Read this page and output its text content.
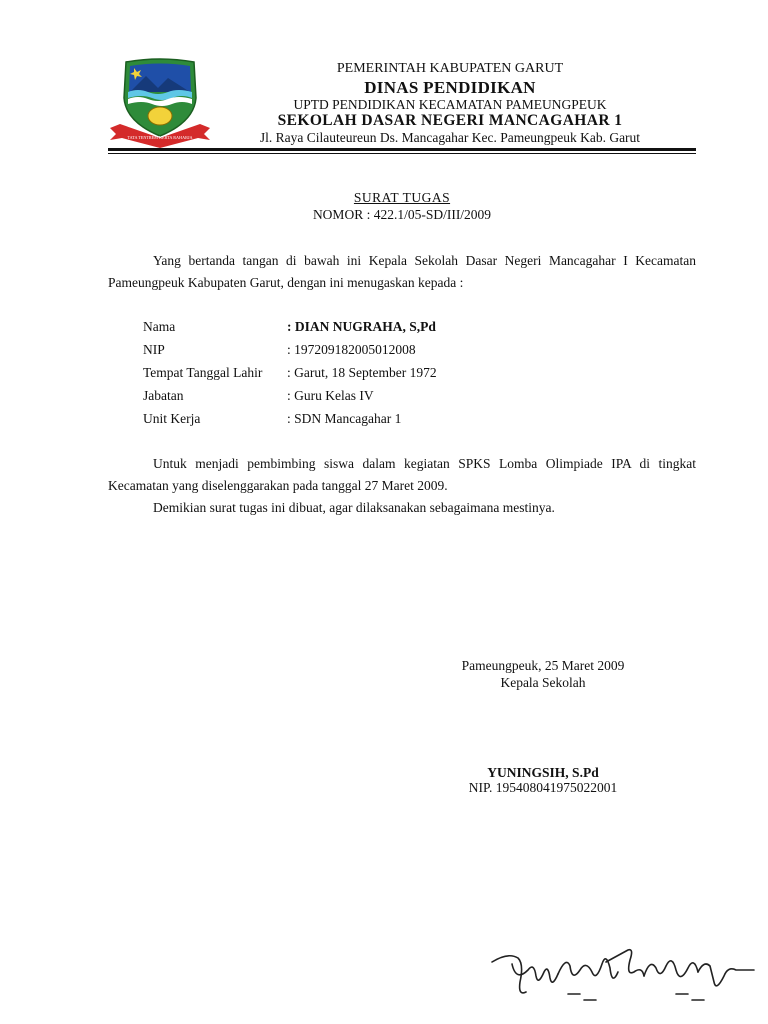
TATA TENTREM KERTA RAHARJA
PEMERINTAH KABUPATEN GARUT
DINAS PENDIDIKAN
UPTD PENDIDIKAN KECAMATAN PAMEUNGPEUK
SEKOLAH DASAR NEGERI MANCAGAHAR 1
Jl. Raya Cilauteureun Ds. Mancagahar Kec. Pameungpeuk Kab. Garut
SURAT TUGAS
NOMOR : 422.1/05-SD/III/2009
Yang bertanda tangan di bawah ini Kepala Sekolah Dasar Negeri Mancagahar I Kecamatan Pameungpeuk Kabupaten Garut, dengan ini menugaskan kepada :
Nama	: DIAN NUGRAHA, S,Pd
NIP	: 197209182005012008
Tempat Tanggal Lahir : Garut, 18 September 1972
Jabatan	: Guru Kelas IV
Unit Kerja	: SDN Mancagahar 1
Untuk menjadi pembimbing siswa dalam kegiatan SPKS Lomba Olimpiade IPA di tingkat Kecamatan yang diselenggarakan pada tanggal 27 Maret 2009.
Demikian surat tugas ini dibuat, agar dilaksanakan sebagaimana mestinya.
Pameungpeuk, 25 Maret 2009
Kepala Sekolah
YUNINGSIH, S.Pd
NIP. 195408041975022001
